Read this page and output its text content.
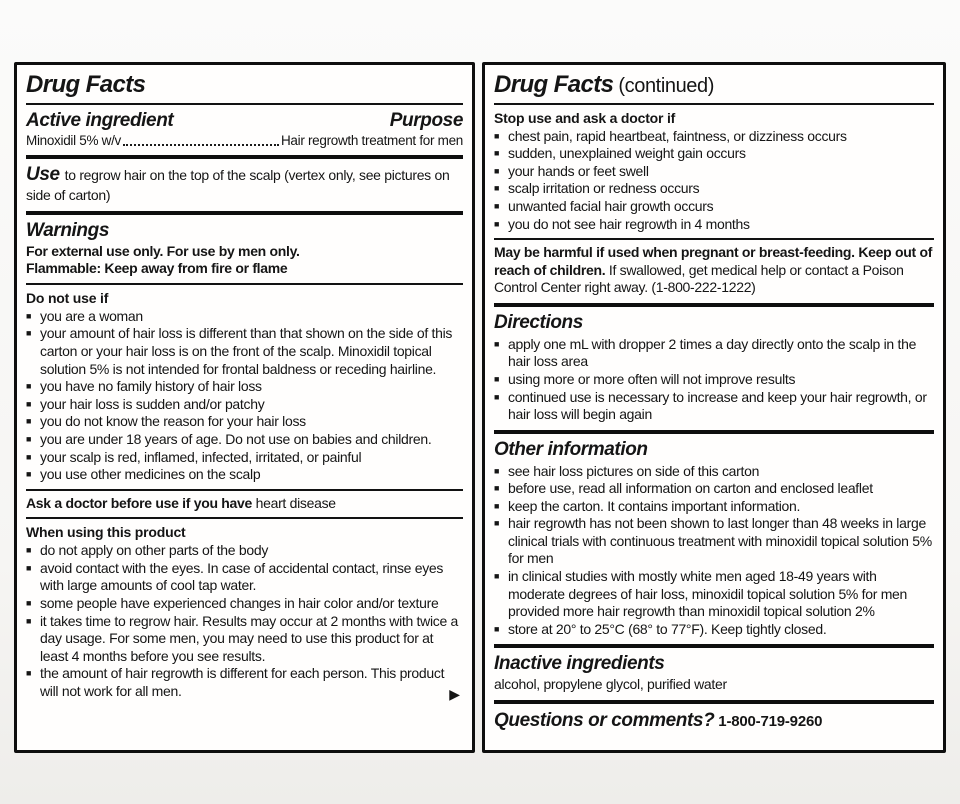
Drug Facts
Active ingredient	Purpose
Minoxidil 5% w/v	Hair regrowth treatment for men
Use to regrow hair on the top of the scalp (vertex only, see pictures on side of carton)
Warnings
For external use only. For use by men only.
Flammable: Keep away from fire or flame
Do not use if
■ you are a woman
■ your amount of hair loss is different than that shown on the side of this carton or your hair loss is on the front of the scalp. Minoxidil topical solution 5% is not intended for frontal baldness or receding hairline.
■ you have no family history of hair loss
■ your hair loss is sudden and/or patchy
■ you do not know the reason for your hair loss
■ you are under 18 years of age. Do not use on babies and children.
■ your scalp is red, inflamed, infected, irritated, or painful
■ you use other medicines on the scalp
Ask a doctor before use if you have heart disease
When using this product
■ do not apply on other parts of the body
■ avoid contact with the eyes. In case of accidental contact, rinse eyes with large amounts of cool tap water.
■ some people have experienced changes in hair color and/or texture
■ it takes time to regrow hair. Results may occur at 2 months with twice a day usage. For some men, you may need to use this product for at least 4 months before you see results.
■ the amount of hair regrowth is different for each person. This product will not work for all men.	▶
Drug Facts (continued)
Stop use and ask a doctor if
■ chest pain, rapid heartbeat, faintness, or dizziness occurs
■ sudden, unexplained weight gain occurs
■ your hands or feet swell
■ scalp irritation or redness occurs
■ unwanted facial hair growth occurs
■ you do not see hair regrowth in 4 months
May be harmful if used when pregnant or breast-feeding. Keep out of reach of children. If swallowed, get medical help or contact a Poison Control Center right away. (1-800-222-1222)
Directions
■ apply one mL with dropper 2 times a day directly onto the scalp in the hair loss area
■ using more or more often will not improve results
■ continued use is necessary to increase and keep your hair regrowth, or hair loss will begin again
Other information
■ see hair loss pictures on side of this carton
■ before use, read all information on carton and enclosed leaflet
■ keep the carton. It contains important information.
■ hair regrowth has not been shown to last longer than 48 weeks in large clinical trials with continuous treatment with minoxidil topical solution 5% for men
■ in clinical studies with mostly white men aged 18-49 years with moderate degrees of hair loss, minoxidil topical solution 5% for men provided more hair regrowth than minoxidil topical solution 2%
■ store at 20° to 25°C (68° to 77°F). Keep tightly closed.
Inactive ingredients
alcohol, propylene glycol, purified water
Questions or comments? 1-800-719-9260
